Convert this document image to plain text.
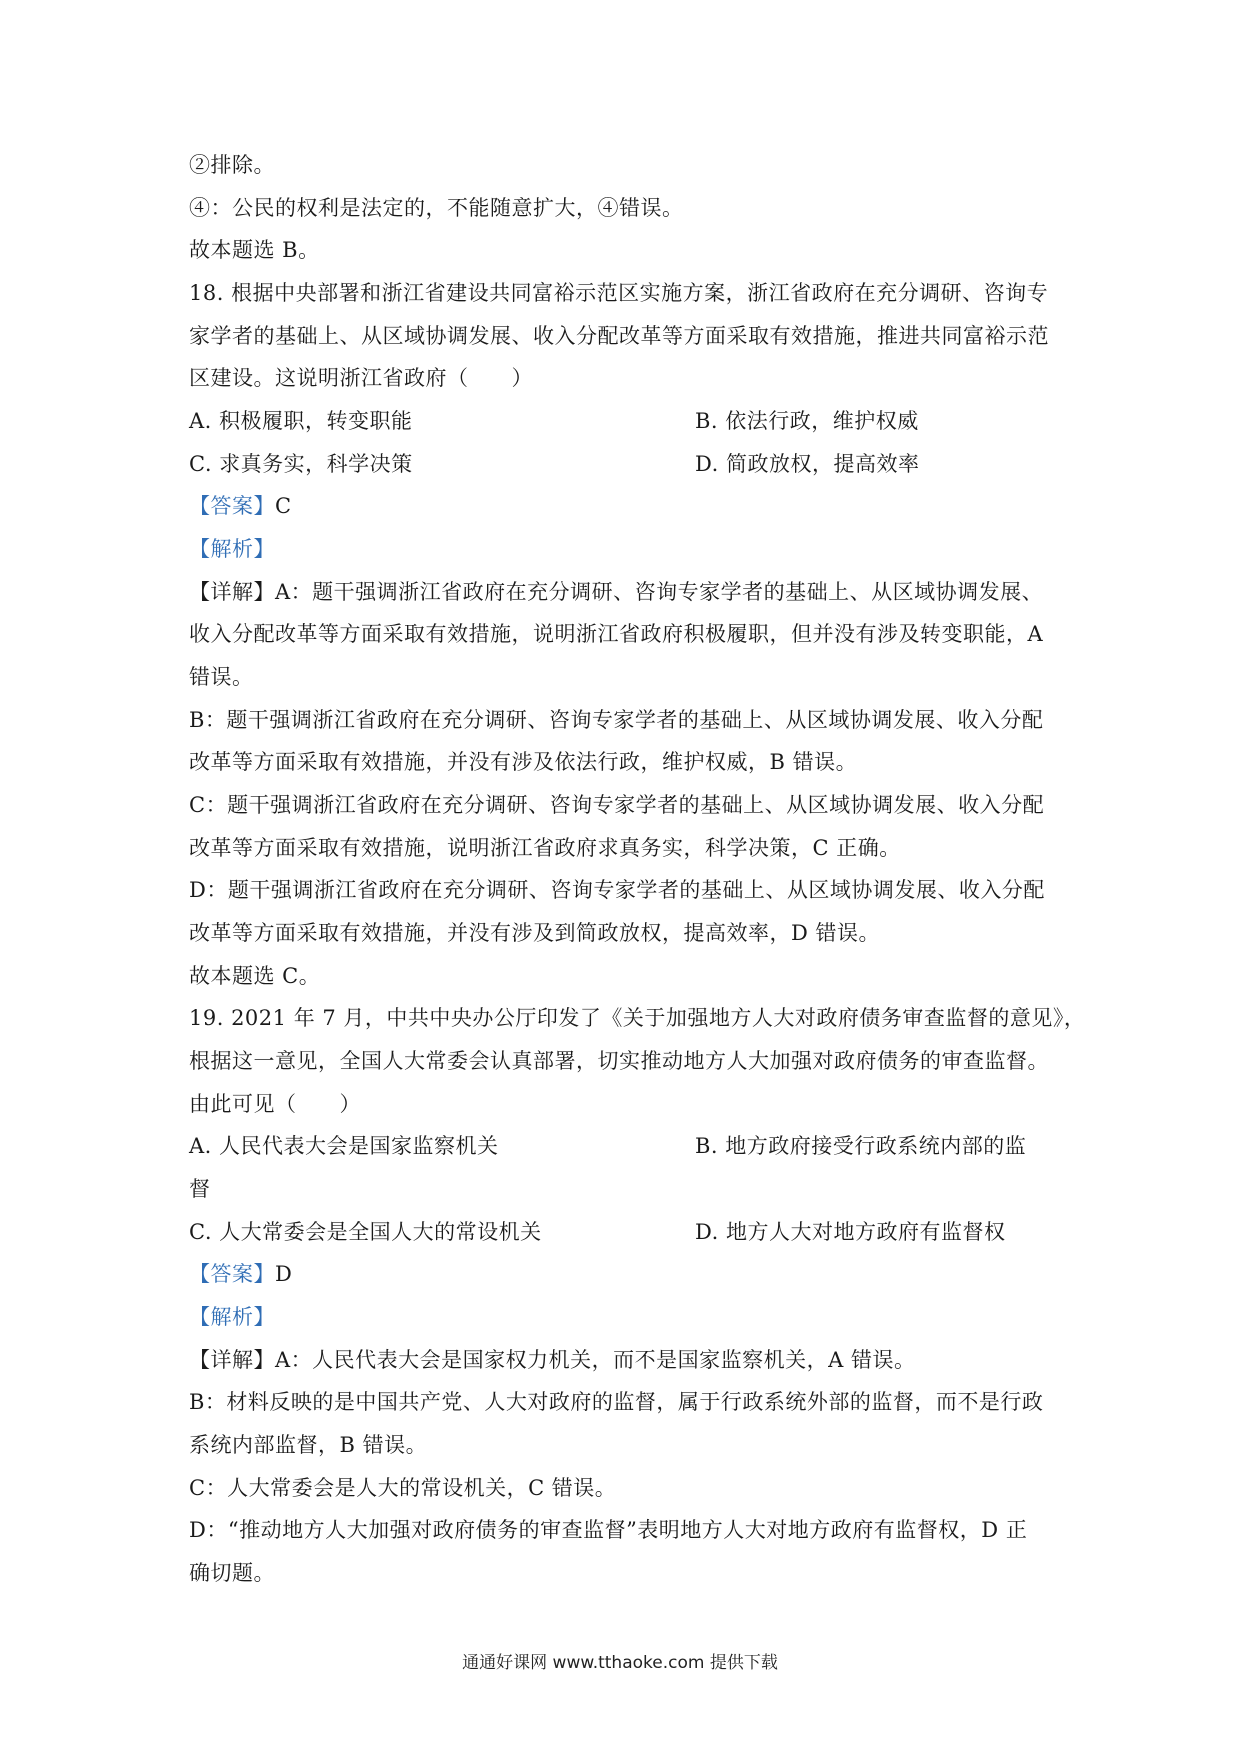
②排除。
④：公民的权利是法定的，不能随意扩大，④错误。
故本题选 B。
18. 根据中央部署和浙江省建设共同富裕示范区实施方案，浙江省政府在充分调研、咨询专
家学者的基础上、从区域协调发展、收入分配改革等方面采取有效措施，推进共同富裕示范
区建设。这说明浙江省政府（　　）
A. 积极履职，转变职能	B. 依法行政，维护权威
C. 求真务实，科学决策	D. 简政放权，提高效率
【答案】C
【解析】
【详解】A：题干强调浙江省政府在充分调研、咨询专家学者的基础上、从区域协调发展、
收入分配改革等方面采取有效措施，说明浙江省政府积极履职，但并没有涉及转变职能，A
错误。
B：题干强调浙江省政府在充分调研、咨询专家学者的基础上、从区域协调发展、收入分配
改革等方面采取有效措施，并没有涉及依法行政，维护权威，B 错误。
C：题干强调浙江省政府在充分调研、咨询专家学者的基础上、从区域协调发展、收入分配
改革等方面采取有效措施，说明浙江省政府求真务实，科学决策，C 正确。
D：题干强调浙江省政府在充分调研、咨询专家学者的基础上、从区域协调发展、收入分配
改革等方面采取有效措施，并没有涉及到简政放权，提高效率，D 错误。
故本题选 C。
19. 2021 年 7 月，中共中央办公厅印发了《关于加强地方人大对政府债务审查监督的意见》，
根据这一意见，全国人大常委会认真部署，切实推动地方人大加强对政府债务的审查监督。
由此可见（　　）
A. 人民代表大会是国家监察机关	B. 地方政府接受行政系统内部的监
督
C. 人大常委会是全国人大的常设机关	D. 地方人大对地方政府有监督权
【答案】D
【解析】
【详解】A：人民代表大会是国家权力机关，而不是国家监察机关，A 错误。
B：材料反映的是中国共产党、人大对政府的监督，属于行政系统外部的监督，而不是行政
系统内部监督，B 错误。
C：人大常委会是人大的常设机关，C 错误。
D：“推动地方人大加强对政府债务的审查监督”表明地方人大对地方政府有监督权，D 正
确切题。
通通好课网 www.tthaoke.com 提供下载
